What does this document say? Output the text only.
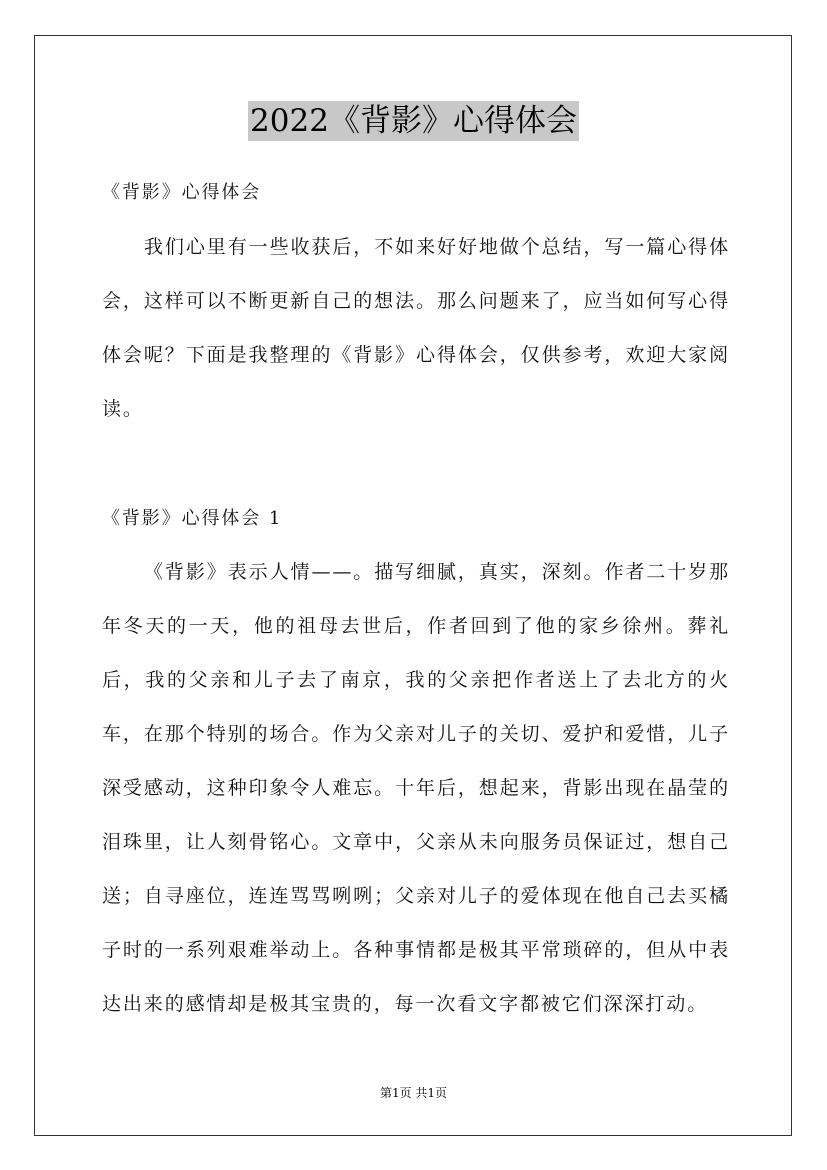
2022《背影》心得体会

《背影》心得体会

我们心里有一些收获后，不如来好好地做个总结，写一篇心得体会，这样可以不断更新自己的想法。那么问题来了，应当如何写心得体会呢？下面是我整理的《背影》心得体会，仅供参考，欢迎大家阅读。

《背影》心得体会 1

《背影》表示人情——。描写细腻，真实，深刻。作者二十岁那年冬天的一天，他的祖母去世后，作者回到了他的家乡徐州。葬礼后，我的父亲和儿子去了南京，我的父亲把作者送上了去北方的火车，在那个特别的场合。作为父亲对儿子的关切、爱护和爱惜，儿子深受感动，这种印象令人难忘。十年后，想起来，背影出现在晶莹的泪珠里，让人刻骨铭心。文章中，父亲从未向服务员保证过，想自己送；自寻座位，连连骂骂咧咧；父亲对儿子的爱体现在他自己去买橘子时的一系列艰难举动上。各种事情都是极其平常琐碎的，但从中表达出来的感情却是极其宝贵的，每一次看文字都被它们深深打动。

第1页 共1页
